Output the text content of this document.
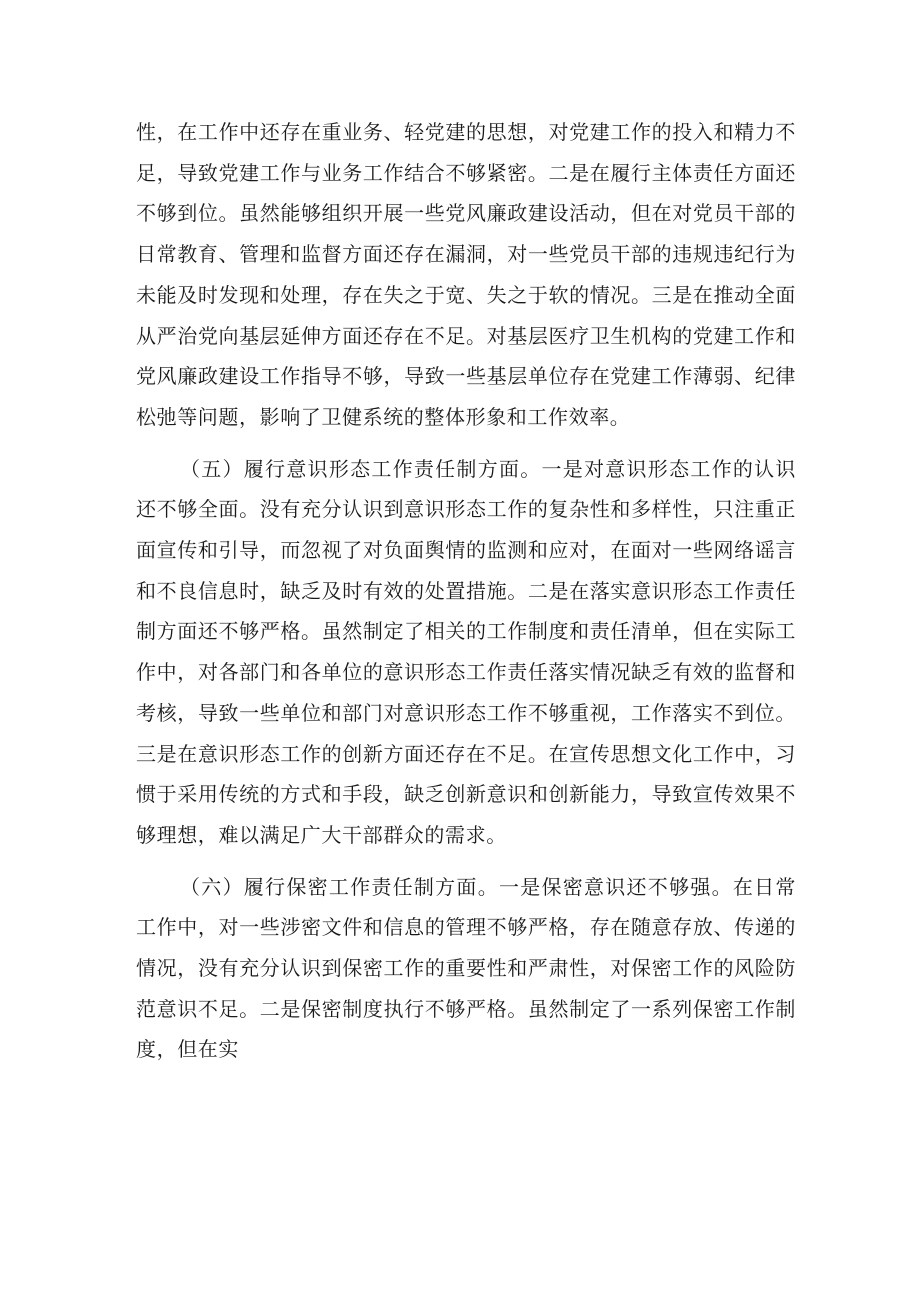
性，在工作中还存在重业务、轻党建的思想，对党建工作的投入和精力不足，导致党建工作与业务工作结合不够紧密。二是在履行主体责任方面还不够到位。虽然能够组织开展一些党风廉政建设活动，但在对党员干部的日常教育、管理和监督方面还存在漏洞，对一些党员干部的违规违纪行为未能及时发现和处理，存在失之于宽、失之于软的情况。三是在推动全面从严治党向基层延伸方面还存在不足。对基层医疗卫生机构的党建工作和党风廉政建设工作指导不够，导致一些基层单位存在党建工作薄弱、纪律松弛等问题，影响了卫健系统的整体形象和工作效率。

（五）履行意识形态工作责任制方面。一是对意识形态工作的认识还不够全面。没有充分认识到意识形态工作的复杂性和多样性，只注重正面宣传和引导，而忽视了对负面舆情的监测和应对，在面对一些网络谣言和不良信息时，缺乏及时有效的处置措施。二是在落实意识形态工作责任制方面还不够严格。虽然制定了相关的工作制度和责任清单，但在实际工作中，对各部门和各单位的意识形态工作责任落实情况缺乏有效的监督和考核，导致一些单位和部门对意识形态工作不够重视，工作落实不到位。三是在意识形态工作的创新方面还存在不足。在宣传思想文化工作中，习惯于采用传统的方式和手段，缺乏创新意识和创新能力，导致宣传效果不够理想，难以满足广大干部群众的需求。

（六）履行保密工作责任制方面。一是保密意识还不够强。在日常工作中，对一些涉密文件和信息的管理不够严格，存在随意存放、传递的情况，没有充分认识到保密工作的重要性和严肃性，对保密工作的风险防范意识不足。二是保密制度执行不够严格。虽然制定了一系列保密工作制度，但在实
